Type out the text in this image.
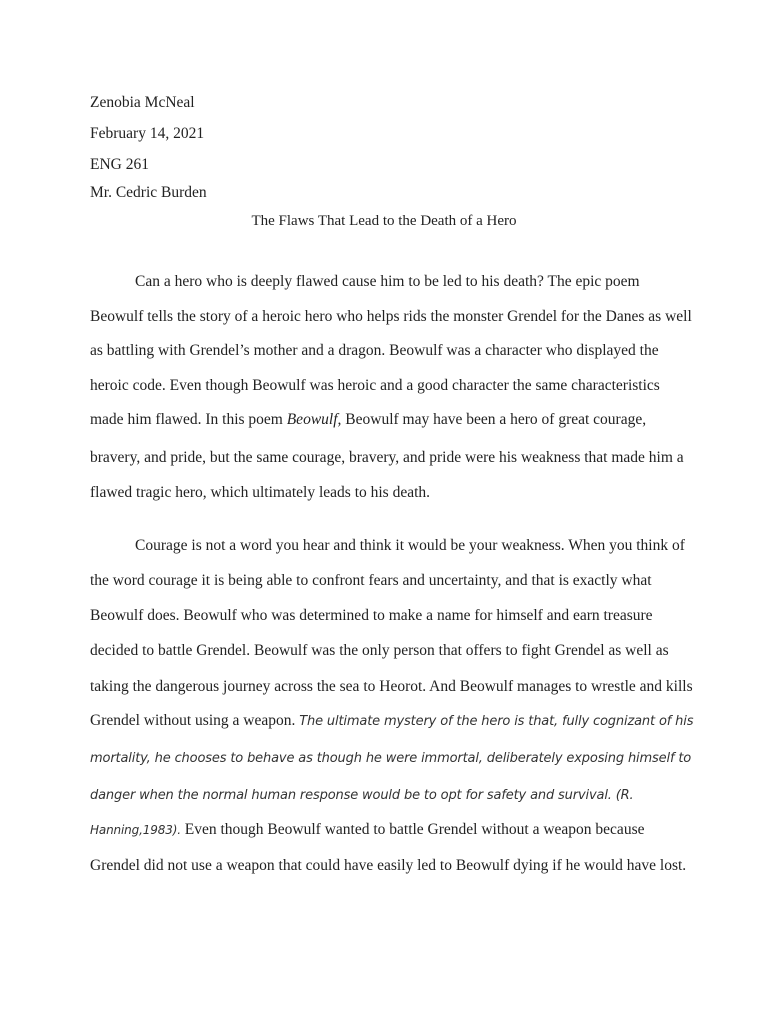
Zenobia McNeal
February 14, 2021
ENG 261
Mr. Cedric Burden
The Flaws That Lead to the Death of a Hero
Can a hero who is deeply flawed cause him to be led to his death? The epic poem
Beowulf tells the story of a heroic hero who helps rids the monster Grendel for the Danes as well
as battling with Grendel’s mother and a dragon. Beowulf was a character who displayed the
heroic code. Even though Beowulf was heroic and a good character the same characteristics
made him flawed. In this poem Beowulf, Beowulf may have been a hero of great courage,
bravery, and pride, but the same courage, bravery, and pride were his weakness that made him a
flawed tragic hero, which ultimately leads to his death.
Courage is not a word you hear and think it would be your weakness. When you think of
the word courage it is being able to confront fears and uncertainty, and that is exactly what
Beowulf does. Beowulf who was determined to make a name for himself and earn treasure
decided to battle Grendel. Beowulf was the only person that offers to fight Grendel as well as
taking the dangerous journey across the sea to Heorot. And Beowulf manages to wrestle and kills
Grendel without using a weapon. The ultimate mystery of the hero is that, fully cognizant of his
mortality, he chooses to behave as though he were immortal, deliberately exposing himself to
danger when the normal human response would be to opt for safety and survival. (R.
Hanning,1983). Even though Beowulf wanted to battle Grendel without a weapon because
Grendel did not use a weapon that could have easily led to Beowulf dying if he would have lost.
